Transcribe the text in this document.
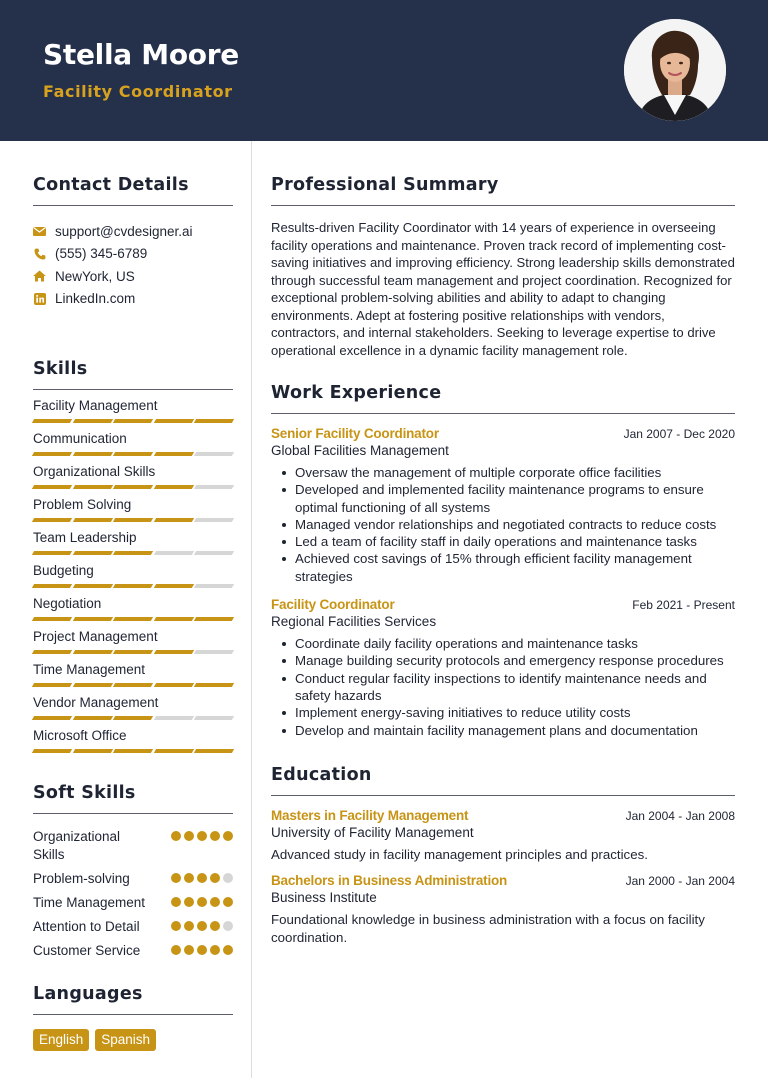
Stella Moore
Facility Coordinator
Contact Details
support@cvdesigner.ai
(555) 345-6789
NewYork, US
LinkedIn.com
Skills
Facility Management
Communication
Organizational Skills
Problem Solving
Team Leadership
Budgeting
Negotiation
Project Management
Time Management
Vendor Management
Microsoft Office
Soft Skills
Organizational Skills
Problem-solving
Time Management
Attention to Detail
Customer Service
Languages
English	Spanish
Professional Summary

Results-driven Facility Coordinator with 14 years of experience in overseeing facility operations and maintenance. Proven track record of implementing cost-saving initiatives and improving efficiency. Strong leadership skills demonstrated through successful team management and project coordination. Recognized for exceptional problem-solving abilities and ability to adapt to changing environments. Adept at fostering positive relationships with vendors, contractors, and internal stakeholders. Seeking to leverage expertise to drive operational excellence in a dynamic facility management role.

Work Experience
Senior Facility Coordinator	Jan 2007 - Dec 2020
Global Facilities Management
Oversaw the management of multiple corporate office facilities
Developed and implemented facility maintenance programs to ensure optimal functioning of all systems
Managed vendor relationships and negotiated contracts to reduce costs
Led a team of facility staff in daily operations and maintenance tasks
Achieved cost savings of 15% through efficient facility management strategies
Facility Coordinator	Feb 2021 - Present
Regional Facilities Services
Coordinate daily facility operations and maintenance tasks
Manage building security protocols and emergency response procedures
Conduct regular facility inspections to identify maintenance needs and safety hazards
Implement energy-saving initiatives to reduce utility costs
Develop and maintain facility management plans and documentation
Education
Masters in Facility Management	Jan 2004 - Jan 2008
University of Facility Management

Advanced study in facility management principles and practices.

Bachelors in Business Administration	Jan 2000 - Jan 2004
Business Institute

Foundational knowledge in business administration with a focus on facility coordination.
